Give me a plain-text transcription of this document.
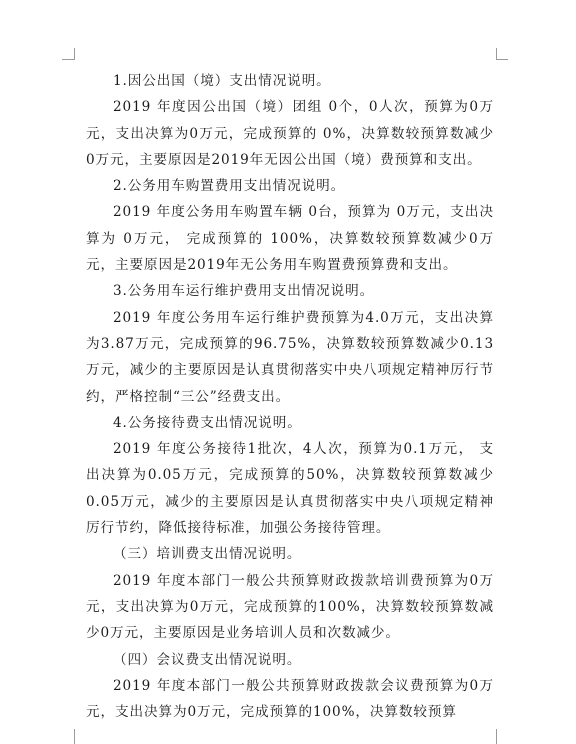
1.因公出国（境）支出情况说明。

2019 年度因公出国（境）团组 0个，0人次，预算为0万元，支出决算为0万元，完成预算的 0%，决算数较预算数减少0万元，主要原因是2019年无因公出国（境）费预算和支出。

2.公务用车购置费用支出情况说明。

2019 年度公务用车购置车辆 0台，预算为 0万元，支出决算为 0万元， 完成预算的 100%，决算数较预算数减少0万元，主要原因是2019年无公务用车购置费预算费和支出。

3.公务用车运行维护费用支出情况说明。

2019 年度公务用车运行维护费预算为4.0万元，支出决算为3.87万元，完成预算的96.75%，决算数较预算数减少0.13万元，减少的主要原因是认真贯彻落实中央八项规定精神厉行节约，严格控制“三公”经费支出。

4.公务接待费支出情况说明。

2019 年度公务接待1批次，4人次，预算为0.1万元， 支出决算为0.05万元，完成预算的50%，决算数较预算数减少0.05万元，减少的主要原因是认真贯彻落实中央八项规定精神厉行节约，降低接待标准，加强公务接待管理。

（三）培训费支出情况说明。

2019 年度本部门一般公共预算财政拨款培训费预算为0万元，支出决算为0万元，完成预算的100%，决算数较预算数减少0万元，主要原因是业务培训人员和次数减少。

（四）会议费支出情况说明。

2019 年度本部门一般公共预算财政拨款会议费预算为0万元，支出决算为0万元，完成预算的100%，决算数较预算
